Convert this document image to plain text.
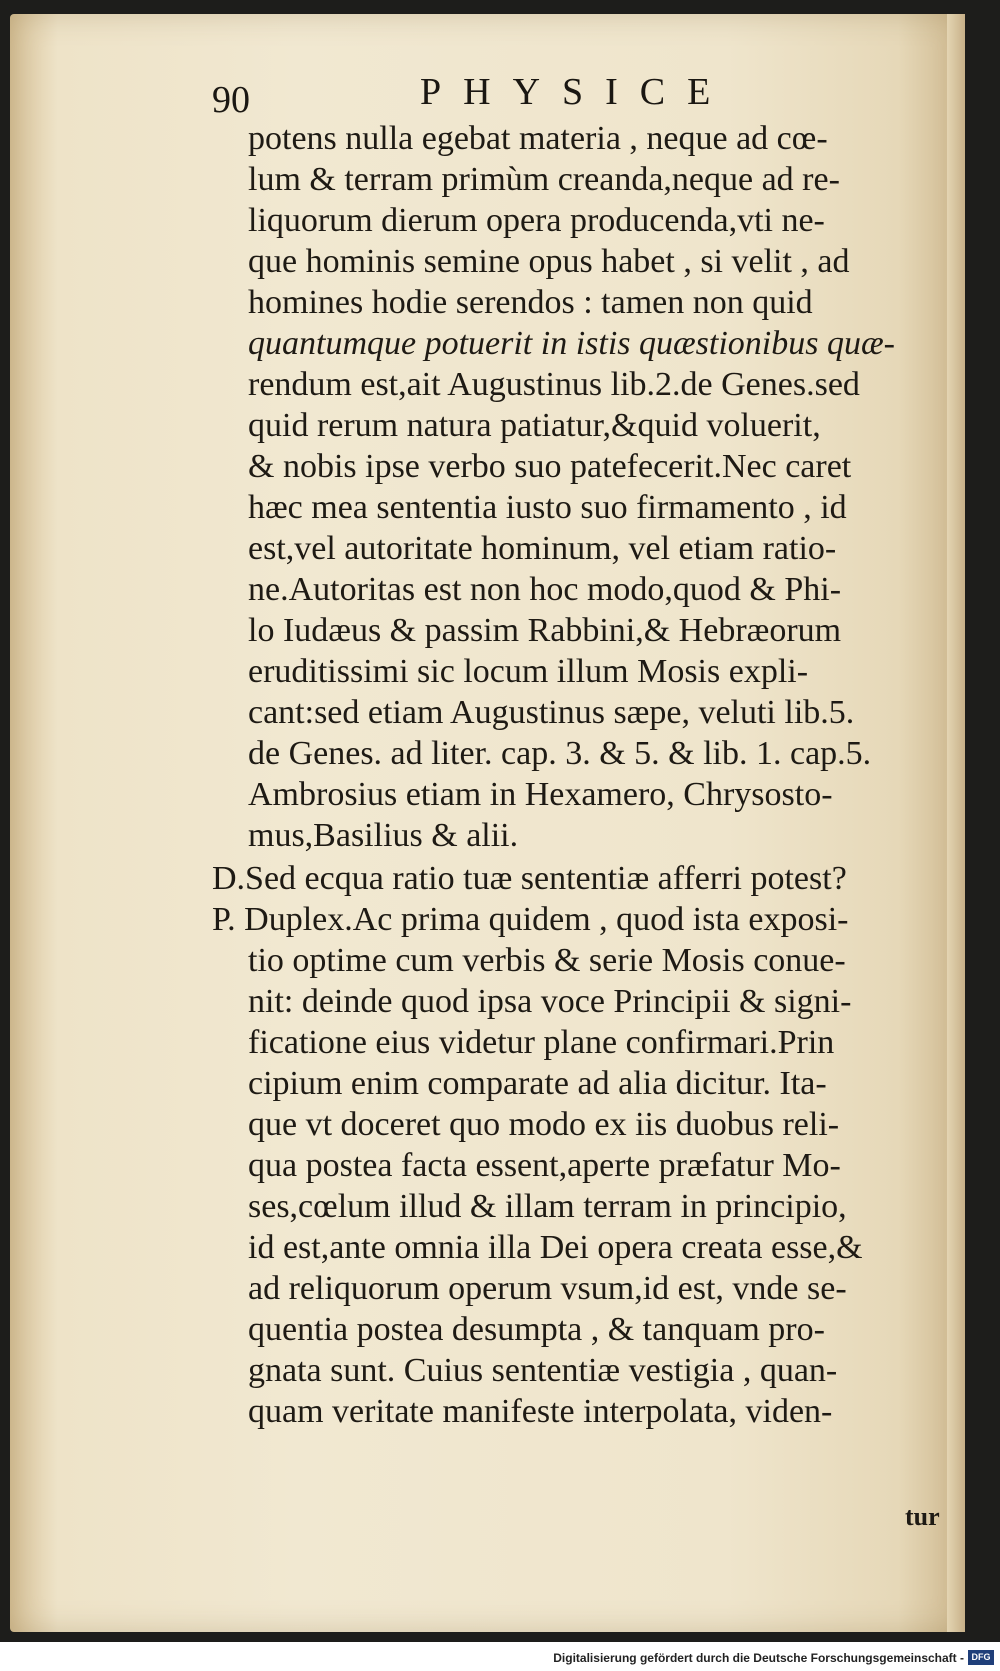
90	PHYSICE
potens nulla egebat materia , neque ad cœ-
lum & terram primùm creanda,neque ad re-
liquorum dierum opera producenda,vti ne-
que hominis semine opus habet , si velit , ad
homines hodie serendos : tamen non quid
quantumque potuerit in istis quæstionibus quæ-
rendum est,ait Augustinus lib.2.de Genes.sed
quid rerum natura patiatur,&quid voluerit,
& nobis ipse verbo suo patefecerit.Nec caret
hæc mea sententia iusto suo firmamento , id
est,vel autoritate hominum, vel etiam ratio-
ne.Autoritas est non hoc modo,quod & Phi-
lo Iudæus & passim Rabbini,& Hebræorum
eruditissimi sic locum illum Mosis expli-
cant:sed etiam Augustinus sæpe, veluti lib.5.
de Genes. ad liter. cap. 3. & 5. & lib. 1. cap.5.
Ambrosius etiam in Hexamero, Chrysosto-
mus,Basilius & alii.
D.Sed ecqua ratio tuæ sententiæ afferri potest?
P. Duplex.Ac prima quidem , quod ista exposi-
tio optime cum verbis & serie Mosis conue-
nit: deinde quod ipsa voce Principii & signi-
ficatione eius videtur plane confirmari.Prin
cipium enim comparate ad alia dicitur. Ita-
que vt doceret quo modo ex iis duobus reli-
qua postea facta essent,aperte præfatur Mo-
ses,cœlum illud & illam terram in principio,
id est,ante omnia illa Dei opera creata esse,&
ad reliquorum operum vsum,id est, vnde se-
quentia postea desumpta , & tanquam pro-
gnata sunt. Cuius sententiæ vestigia , quan-
quam veritate manifeste interpolata, viden-
tur
Digitalisierung gefördert durch die Deutsche Forschungsgemeinschaft - DFG
